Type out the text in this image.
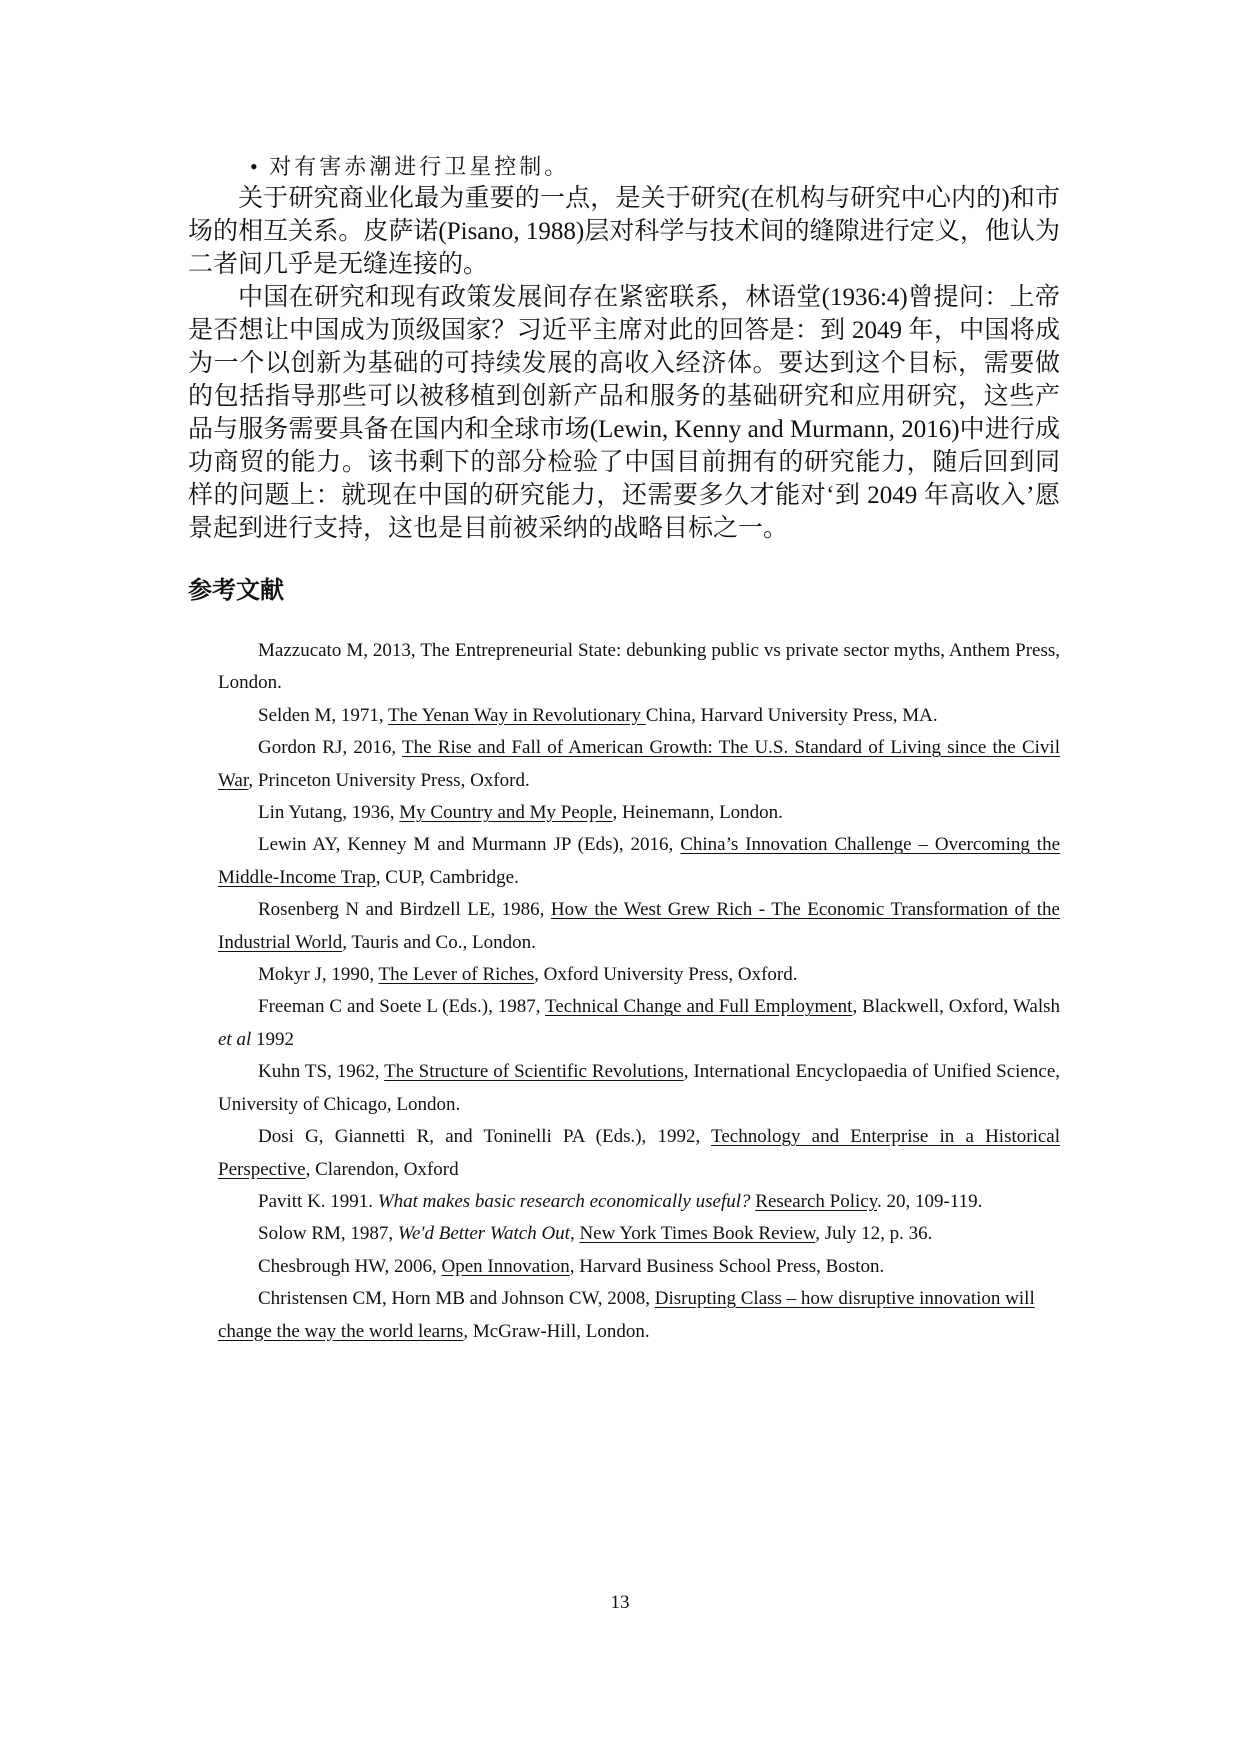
• 对有害赤潮进行卫星控制。

关于研究商业化最为重要的一点，是关于研究(在机构与研究中心内的)和市场的相互关系。皮萨诺(Pisano, 1988)层对科学与技术间的缝隙进行定义，他认为二者间几乎是无缝连接的。

中国在研究和现有政策发展间存在紧密联系，林语堂(1936:4)曾提问：上帝是否想让中国成为顶级国家？习近平主席对此的回答是：到 2049 年，中国将成为一个以创新为基础的可持续发展的高收入经济体。要达到这个目标，需要做的包括指导那些可以被移植到创新产品和服务的基础研究和应用研究，这些产品与服务需要具备在国内和全球市场(Lewin, Kenny and Murmann, 2016)中进行成功商贸的能力。该书剩下的部分检验了中国目前拥有的研究能力，随后回到同样的问题上：就现在中国的研究能力，还需要多久才能对‘到 2049 年高收入’愿景起到进行支持，这也是目前被采纳的战略目标之一。

参考文献

Mazzucato M, 2013, The Entrepreneurial State: debunking public vs private sector myths, Anthem Press, London.

Selden M, 1971, The Yenan Way in Revolutionary China, Harvard University Press, MA.

Gordon RJ, 2016, The Rise and Fall of American Growth: The U.S. Standard of Living since the Civil War, Princeton University Press, Oxford.

Lin Yutang, 1936, My Country and My People, Heinemann, London.

Lewin AY, Kenney M and Murmann JP (Eds), 2016, China’s Innovation Challenge – Overcoming the Middle-Income Trap, CUP, Cambridge.

Rosenberg N and Birdzell LE, 1986, How the West Grew Rich - The Economic Transformation of the Industrial World, Tauris and Co., London.

Mokyr J, 1990, The Lever of Riches, Oxford University Press, Oxford.

Freeman C and Soete L (Eds.), 1987, Technical Change and Full Employment, Blackwell, Oxford, Walsh et al 1992

Kuhn TS, 1962, The Structure of Scientific Revolutions, International Encyclopaedia of Unified Science, University of Chicago, London.

Dosi G, Giannetti R, and Toninelli PA (Eds.), 1992, Technology and Enterprise in a Historical Perspective, Clarendon, Oxford

Pavitt K. 1991. What makes basic research economically useful? Research Policy. 20, 109-119.

Solow RM, 1987, We'd Better Watch Out, New York Times Book Review, July 12, p. 36.

Chesbrough HW, 2006, Open Innovation, Harvard Business School Press, Boston.

Christensen CM, Horn MB and Johnson CW, 2008, Disrupting Class – how disruptive innovation will change the way the world learns, McGraw-Hill, London.

13
